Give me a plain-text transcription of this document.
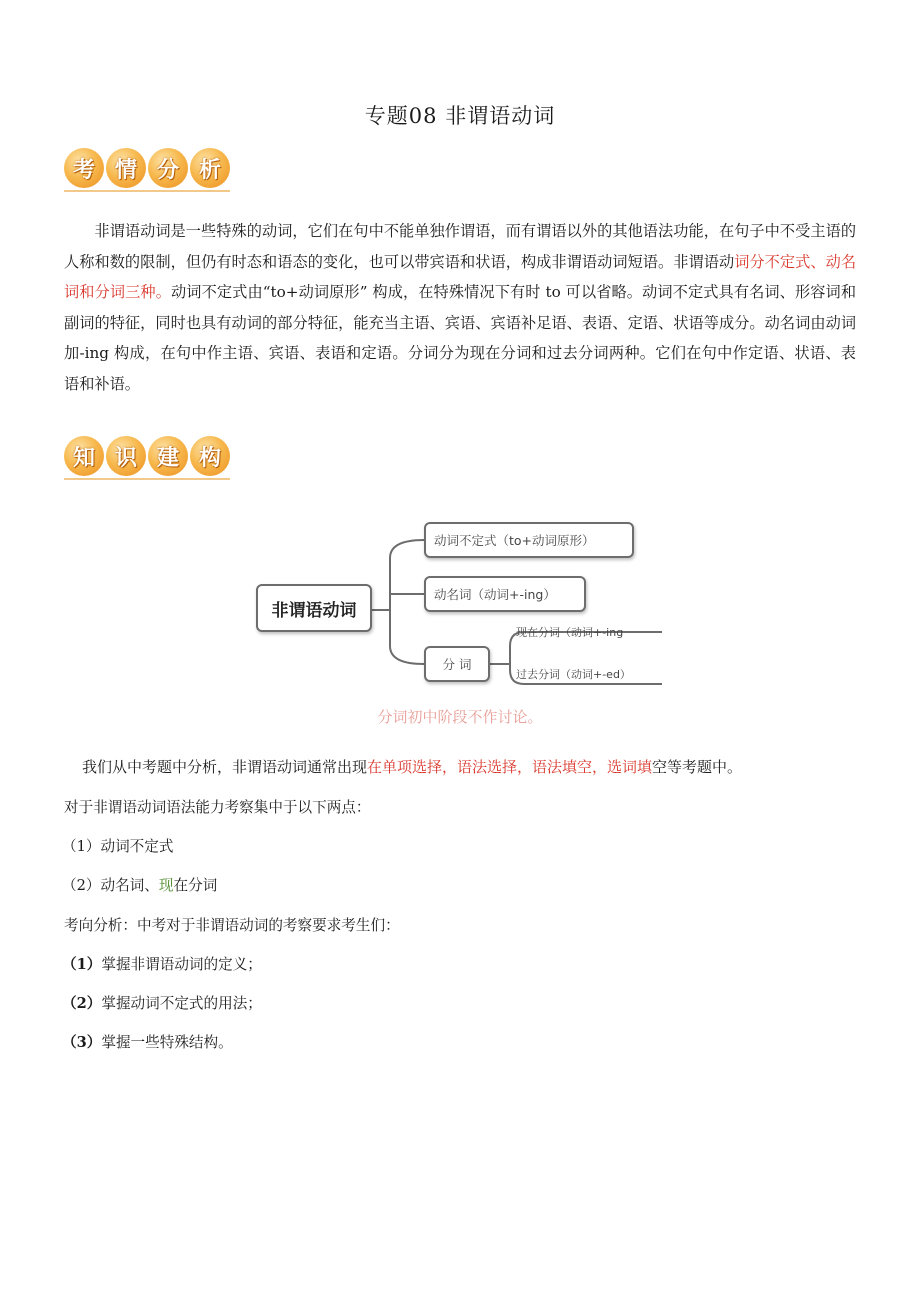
专题08 非谓语动词
考 情 分 析
非谓语动词是一些特殊的动词，它们在句中不能单独作谓语，而有谓语以外的其他语法功能，在句子中不受主语的人称和数的限制，但仍有时态和语态的变化，也可以带宾语和状语，构成非谓语动词短语。非谓语动词分不定式、动名词和分词三种。动词不定式由“to+动词原形” 构成，在特殊情况下有时 to 可以省略。动词不定式具有名词、形容词和副词的特征，同时也具有动词的部分特征，能充当主语、宾语、宾语补足语、表语、定语、状语等成分。动名词由动词加-ing 构成，在句中作主语、宾语、表语和定语。分词分为现在分词和过去分词两种。它们在句中作定语、状语、表语和补语。
知 识 建 构
非谓语动词
动词不定式（to+动词原形）
动名词（动词+-ing）
分 词
现在分词（动词+-ing
过去分词（动词+-ed）
分词初中阶段不作讨论。
我们从中考题中分析，非谓语动词通常出现在单项选择，语法选择，语法填空，选词填空等考题中。
对于非谓语动词语法能力考察集中于以下两点：
（1）动词不定式
（2）动名词、现在分词
考向分析：中考对于非谓语动词的考察要求考生们：
（1）掌握非谓语动词的定义；
（2）掌握动词不定式的用法；
（3）掌握一些特殊结构。
